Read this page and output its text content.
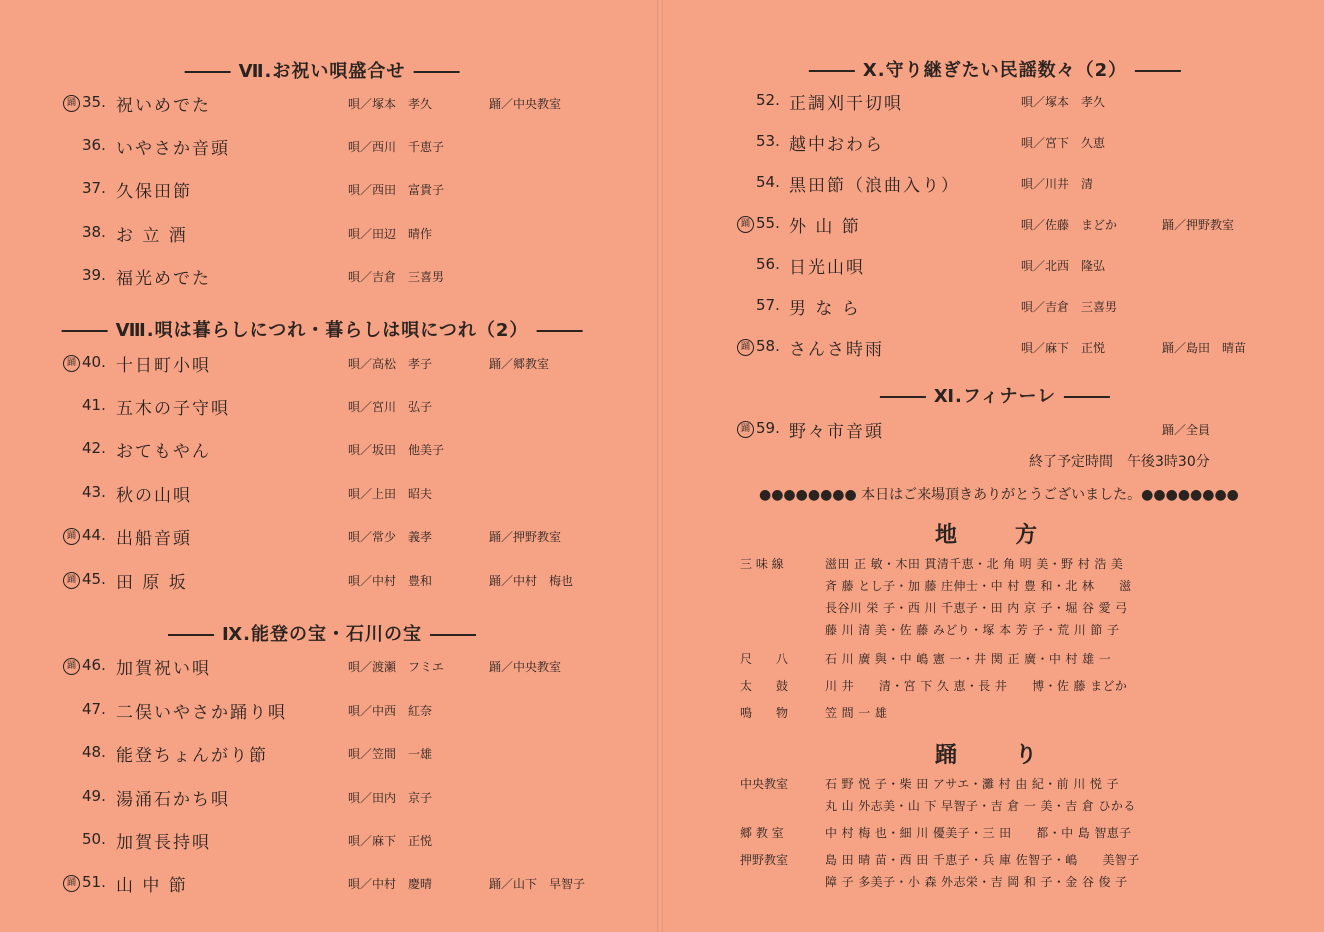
Ⅶ.お祝い唄盛合せ
踊 35. 祝いめでた	唄／塚本　孝久	踊／中央教室
36. いやさか音頭	唄／西川　千恵子
37. 久保田節	唄／西田　富貴子
38. お 立 酒	唄／田辺　晴作
39. 福光めでた	唄／吉倉　三喜男
Ⅷ.唄は暮らしにつれ・暮らしは唄につれ（2）
踊 40. 十日町小唄	唄／高松　孝子	踊／郷教室
41. 五木の子守唄	唄／宮川　弘子
42. おてもやん	唄／坂田　他美子
43. 秋の山唄	唄／上田　昭夫
踊 44. 出船音頭	唄／常少　義孝	踊／押野教室
踊 45. 田 原 坂	唄／中村　豊和	踊／中村　梅也
Ⅸ.能登の宝・石川の宝
踊 46. 加賀祝い唄	唄／渡瀬　フミエ	踊／中央教室
47. 二俣いやさか踊り唄	唄／中西　紅奈
48. 能登ちょんがり節	唄／笠間　一雄
49. 湯涌石かち唄	唄／田内　京子
50. 加賀長持唄	唄／麻下　正悦
踊 51. 山 中 節	唄／中村　慶晴	踊／山下　早智子
Ⅹ.守り継ぎたい民謡数々（2）
52. 正調刈干切唄	唄／塚本　孝久
53. 越中おわら	唄／宮下　久恵
54. 黒田節（浪曲入り）	唄／川井　清
踊 55. 外 山 節	唄／佐藤　まどか	踊／押野教室
56. 日光山唄	唄／北西　隆弘
57. 男 な ら	唄／吉倉　三喜男
踊 58. さんさ時雨	唄／麻下　正悦	踊／島田　晴苗
Ⅺ.フィナーレ
踊 59. 野々市音頭	踊／全員
終了予定時間　午後3時30分
●●●●●●●● 本日はご来場頂きありがとうございました。●●●●●●●●
地　方
三 味 線	滋田 正 敏・木田 貫清千恵・北 角 明 美・野 村 浩 美
斉 藤 とし子・加 藤 庄伸士・中 村 豊 和・北 林　　滋
長谷川 栄 子・西 川 千恵子・田 内 京 子・堀 谷 愛 弓
藤 川 清 美・佐 藤 みどり・塚 本 芳 子・荒 川 節 子
尺　　八	石 川 廣 與・中 嶋 憲 一・井 関 正 廣・中 村 雄 一
太　　鼓	川 井　　清・宮 下 久 恵・長 井　　博・佐 藤 まどか
鳴　　物	笠 間 一 雄
踊　り
中央教室	石 野 悦 子・柴 田 アサエ・灘 村 由 紀・前 川 悦 子
丸 山 外志美・山 下 早智子・吉 倉 一 美・吉 倉 ひかる
郷 教 室	中 村 梅 也・細 川 優美子・三 田　　都・中 島 智恵子
押野教室	島 田 晴 苗・西 田 千恵子・兵 庫 佐智子・嶋　　美智子
障 子 多美子・小 森 外志栄・吉 岡 和 子・金 谷 俊 子
